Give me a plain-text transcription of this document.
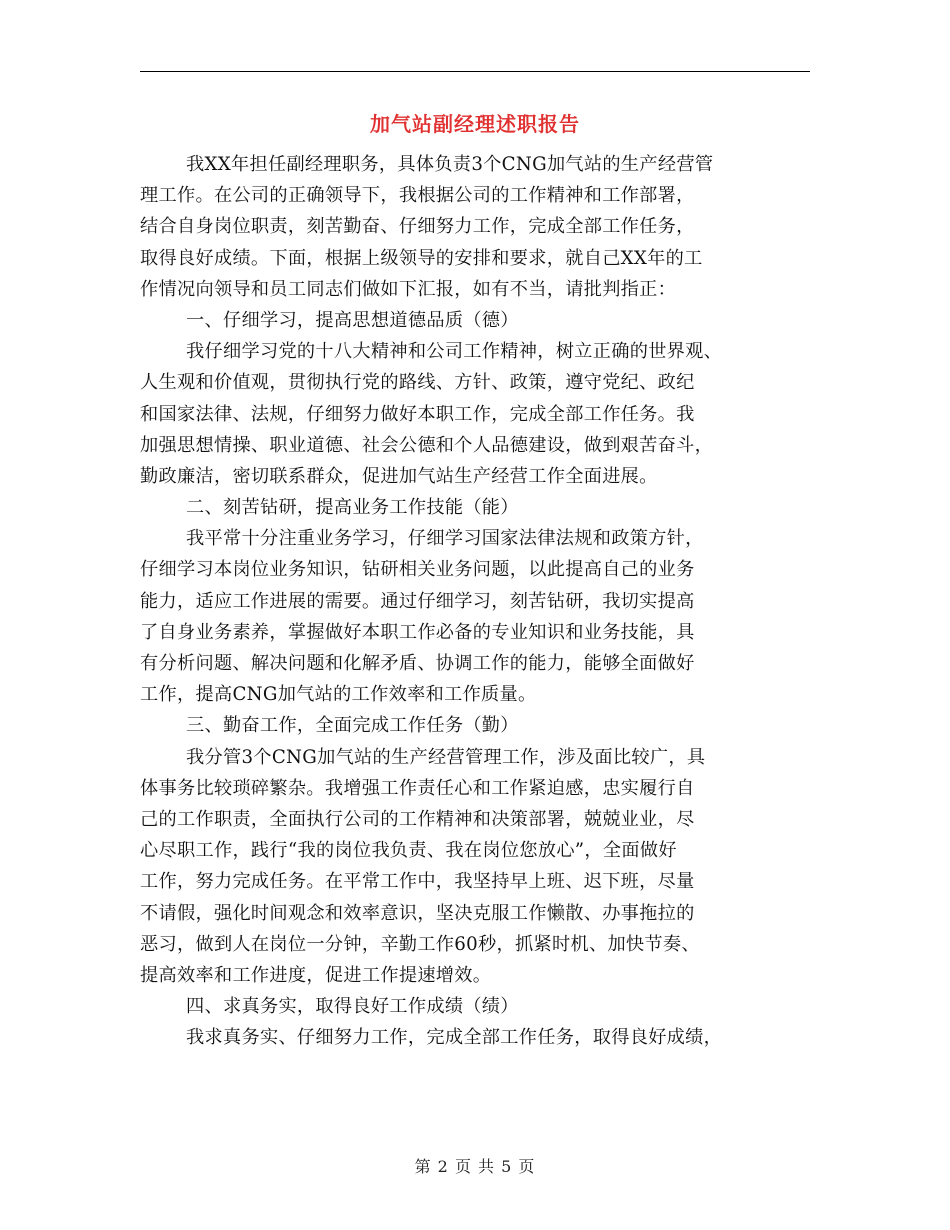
加气站副经理述职报告
我XX年担任副经理职务，具体负责3个CNG加气站的生产经营管
理工作。在公司的正确领导下，我根据公司的工作精神和工作部署，
结合自身岗位职责，刻苦勤奋、仔细努力工作，完成全部工作任务，
取得良好成绩。下面，根据上级领导的安排和要求，就自己XX年的工
作情况向领导和员工同志们做如下汇报，如有不当，请批判指正：
一、仔细学习，提高思想道德品质（德）
我仔细学习党的十八大精神和公司工作精神，树立正确的世界观、
人生观和价值观，贯彻执行党的路线、方针、政策，遵守党纪、政纪
和国家法律、法规，仔细努力做好本职工作，完成全部工作任务。我
加强思想情操、职业道德、社会公德和个人品德建设，做到艰苦奋斗，
勤政廉洁，密切联系群众，促进加气站生产经营工作全面进展。
二、刻苦钻研，提高业务工作技能（能）
我平常十分注重业务学习，仔细学习国家法律法规和政策方针，
仔细学习本岗位业务知识，钻研相关业务问题，以此提高自己的业务
能力，适应工作进展的需要。通过仔细学习，刻苦钻研，我切实提高
了自身业务素养，掌握做好本职工作必备的专业知识和业务技能，具
有分析问题、解决问题和化解矛盾、协调工作的能力，能够全面做好
工作，提高CNG加气站的工作效率和工作质量。
三、勤奋工作，全面完成工作任务（勤）
我分管3个CNG加气站的生产经营管理工作，涉及面比较广，具
体事务比较琐碎繁杂。我增强工作责任心和工作紧迫感，忠实履行自
己的工作职责，全面执行公司的工作精神和决策部署，兢兢业业，尽
心尽职工作，践行“我的岗位我负责、我在岗位您放心”，全面做好
工作，努力完成任务。在平常工作中，我坚持早上班、迟下班，尽量
不请假，强化时间观念和效率意识，坚决克服工作懒散、办事拖拉的
恶习，做到人在岗位一分钟，辛勤工作60秒，抓紧时机、加快节奏、
提高效率和工作进度，促进工作提速增效。
四、求真务实，取得良好工作成绩（绩）
我求真务实、仔细努力工作，完成全部工作任务，取得良好成绩，
第 2 页 共 5 页
